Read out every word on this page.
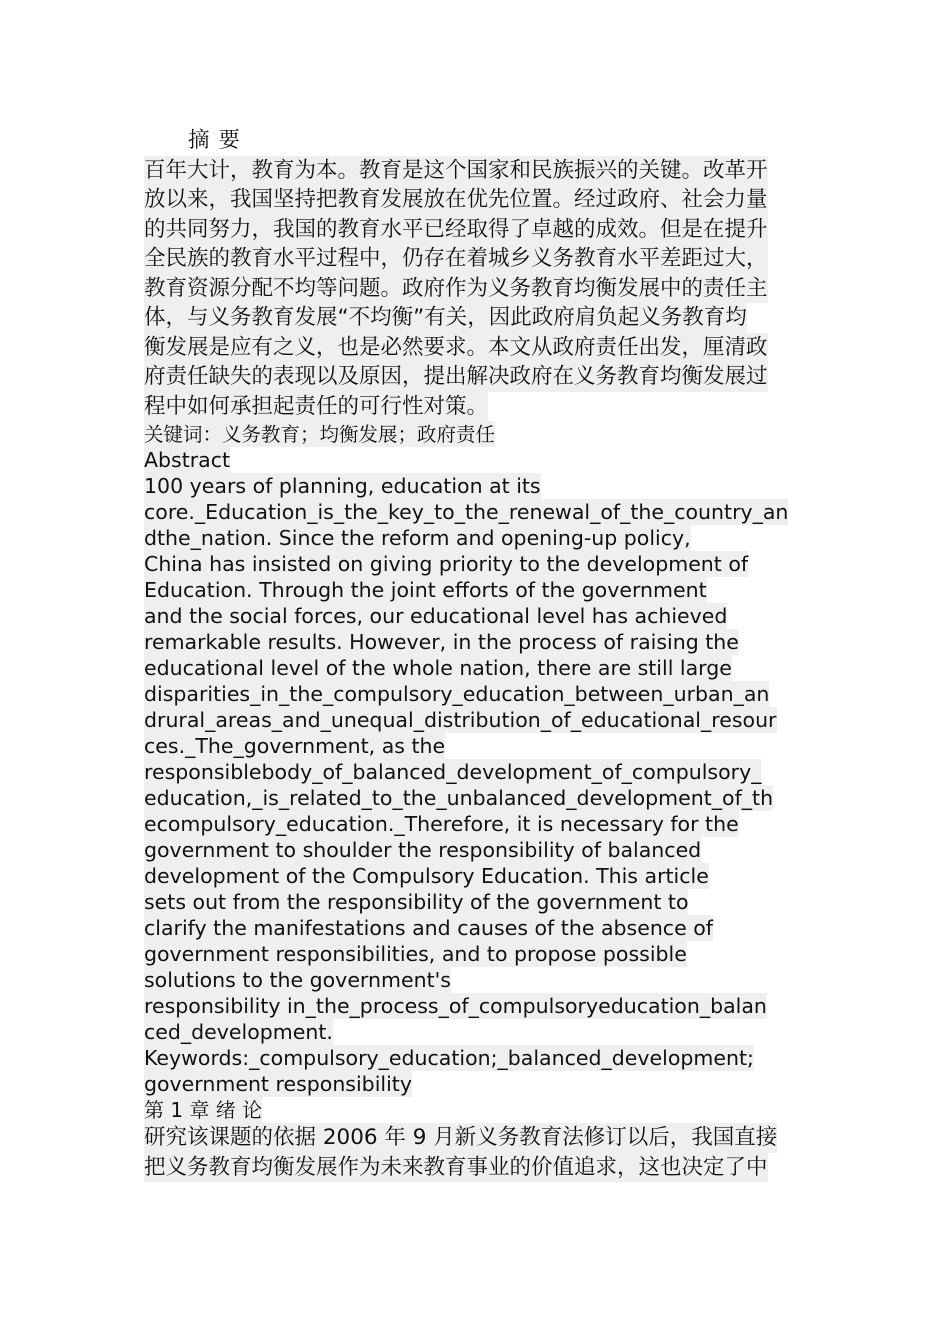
摘 要
百年大计，教育为本。教育是这个国家和民族振兴的关键。改革开
放以来，我国坚持把教育发展放在优先位置。经过政府、社会力量
的共同努力，我国的教育水平已经取得了卓越的成效。但是在提升
全民族的教育水平过程中，仍存在着城乡义务教育水平差距过大，
教育资源分配不均等问题。政府作为义务教育均衡发展中的责任主
体，与义务教育发展“不均衡”有关，因此政府肩负起义务教育均
衡发展是应有之义，也是必然要求。本文从政府责任出发，厘清政
府责任缺失的表现以及原因，提出解决政府在义务教育均衡发展过
程中如何承担起责任的可行性对策。
关键词：义务教育；均衡发展；政府责任
Abstract
100 years of planning, education at its
core._Education_is_the_key_to_the_renewal_of_the_country_an
dthe_nation. Since the reform and opening-up policy,
China has insisted on giving priority to the development of
Education. Through the joint efforts of the government
and the social forces, our educational level has achieved
remarkable results. However, in the process of raising the
educational level of the whole nation, there are still large
disparities_in_the_compulsory_education_between_urban_an
drural_areas_and_unequal_distribution_of_educational_resour
ces._The_government, as the
responsiblebody_of_balanced_development_of_compulsory_
education,_is_related_to_the_unbalanced_development_of_th
ecompulsory_education._Therefore, it is necessary for the
government to shoulder the responsibility of balanced
development of the Compulsory Education. This article
sets out from the responsibility of the government to
clarify the manifestations and causes of the absence of
government responsibilities, and to propose possible
solutions to the government's
responsibility in_the_process_of_compulsoryeducation_balan
ced_development.
Keywords:_compulsory_education;_balanced_development;
government responsibility
第 1 章 绪 论
研究该课题的依据 2006 年 9 月新义务教育法修订以后，我国直接
把义务教育均衡发展作为未来教育事业的价值追求，这也决定了中
